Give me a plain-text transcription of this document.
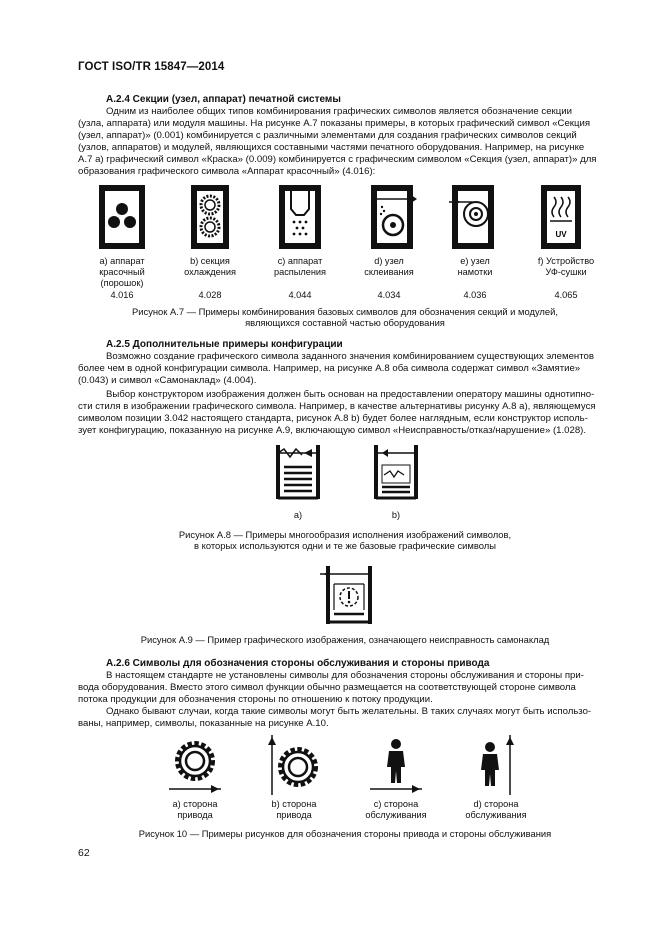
ГОСТ ISO/TR 15847—2014
А.2.4 Секции (узел, аппарат) печатной системы
Одним из наиболее общих типов комбинирования графических символов является обозначение секции
(узла, аппарата) или модуля машины. На рисунке А.7 показаны примеры, в которых графический символ «Секция
(узел, аппарат)» (0.001) комбинируется с различными элементами для создания графических символов секций
(узлов, аппаратов) и модулей, являющихся составными частями печатного оборудования. Например, на рисунке
А.7 а) графический символ «Краска» (0.009) комбинируется с графическим символом «Секция (узел, аппарат)» для
образования графического символа «Аппарат красочный» (4.016):
UV
a) аппарат
красочный
(порошок)
b) секция
охлаждения
c) аппарат
распыления
d) узел
склеивания
e) узел
намотки
f) Устройство
УФ-сушки
4.016	4.028	4.044	4.034	4.036	4.065
Рисунок А.7 — Примеры комбинирования базовых символов для обозначения секций и модулей,
являющихся составной частью оборудования
А.2.5 Дополнительные примеры конфигурации
Возможно создание графического символа заданного значения комбинированием существующих элементов
более чем в одной конфигурации символа. Например, на рисунке А.8 оба символа содержат символ «Замятие»
(0.043) и символ «Самонаклад» (4.004).
Выбор конструктором изображения должен быть основан на предоставлении оператору машины однотипно-
сти стиля в изображении графического символа. Например, в качестве альтернативы рисунку А.8 а), являющемуся
символом позиции 3.042 настоящего стандарта, рисунок А.8 b) будет более наглядным, если конструктор исполь-
зует конфигурацию, показанную на рисунке А.9, включающую символ «Неисправность/отказ/нарушение» (1.028).
a)	b)
Рисунок А.8 — Примеры многообразия исполнения изображений символов,
в которых используются одни и те же базовые графические символы
Рисунок А.9 — Пример графического изображения, означающего неисправность самонаклад
А.2.6 Символы для обозначения стороны обслуживания и стороны привода
В настоящем стандарте не установлены символы для обозначения стороны обслуживания и стороны при-
вода оборудования. Вместо этого символ функции обычно размещается на соответствующей стороне символа
потока продукции для обозначения стороны по отношению к потоку продукции.
Однако бывают случаи, когда такие символы могут быть желательны. В таких случаях могут быть использо-
ваны, например, символы, показанные на рисунке А.10.
a) сторона
привода
b) сторона
привода
c) сторона
обслуживания
d) сторона
обслуживания
Рисунок 10 — Примеры рисунков для обозначения стороны привода и стороны обслуживания
62
